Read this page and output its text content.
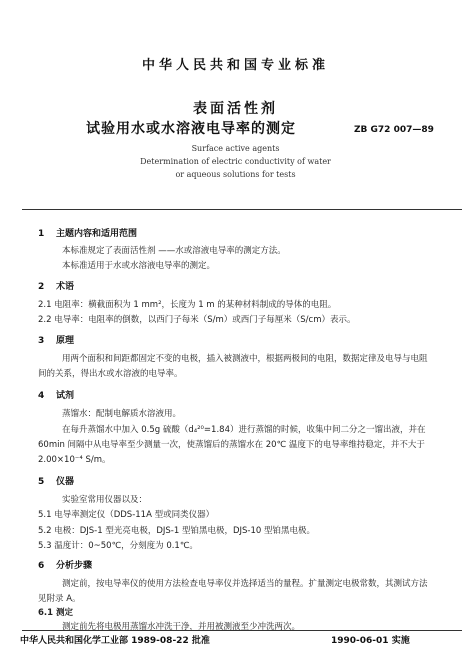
中华人民共和国专业标准
表面活性剂
试验用水或水溶液电导率的测定	ZB G72 007—89
Surface active agents
Determination of electric conductivity of water
or aqueous solutions for tests
1 主题内容和适用范围
本标准规定了表面活性剂 ——水或溶液电导率的测定方法。
本标准适用于水或水溶液电导率的测定。
2 术语
2.1 电阻率：横截面积为 1 mm²，长度为 1 m 的某种材料制成的导体的电阻。
2.2 电导率：电阻率的倒数，以西门子每米（S/m）或西门子每厘米（S/cm）表示。
3 原理
用两个面积和间距都固定不变的电极，插入被测液中，根据两极间的电阻，数据定律及电导与电阻
间的关系，得出水或水溶液的电导率。
4 试剂
蒸馏水：配制电解质水溶液用。
在每升蒸馏水中加入 0.5g 硫酸（d₄²⁰=1.84）进行蒸馏的时候，收集中间二分之一馏出液，并在
60min 间隔中从电导率至少测量一次，使蒸馏后的蒸馏水在 20℃ 温度下的电导率维持稳定，并不大于
2.00×10⁻⁴ S/m。
5 仪器
实验室常用仪器以及：
5.1 电导率测定仪（DDS-11A 型或同类仪器）
5.2 电极：DJS-1 型光亮电极，DJS-1 型铂黑电极，DJS-10 型铂黑电极。
5.3 温度计：0~50℃，分刻度为 0.1℃。
6 分析步骤
测定前，按电导率仪的使用方法检查电导率仪并选择适当的量程。扩量测定电极常数，其测试方法
见附录 A。
6.1 测定
测定前先将电极用蒸馏水冲洗干净，并用被测液至少冲洗两次。
中华人民共和国化学工业部 1989-08-22 批准	1990-06-01 实施
